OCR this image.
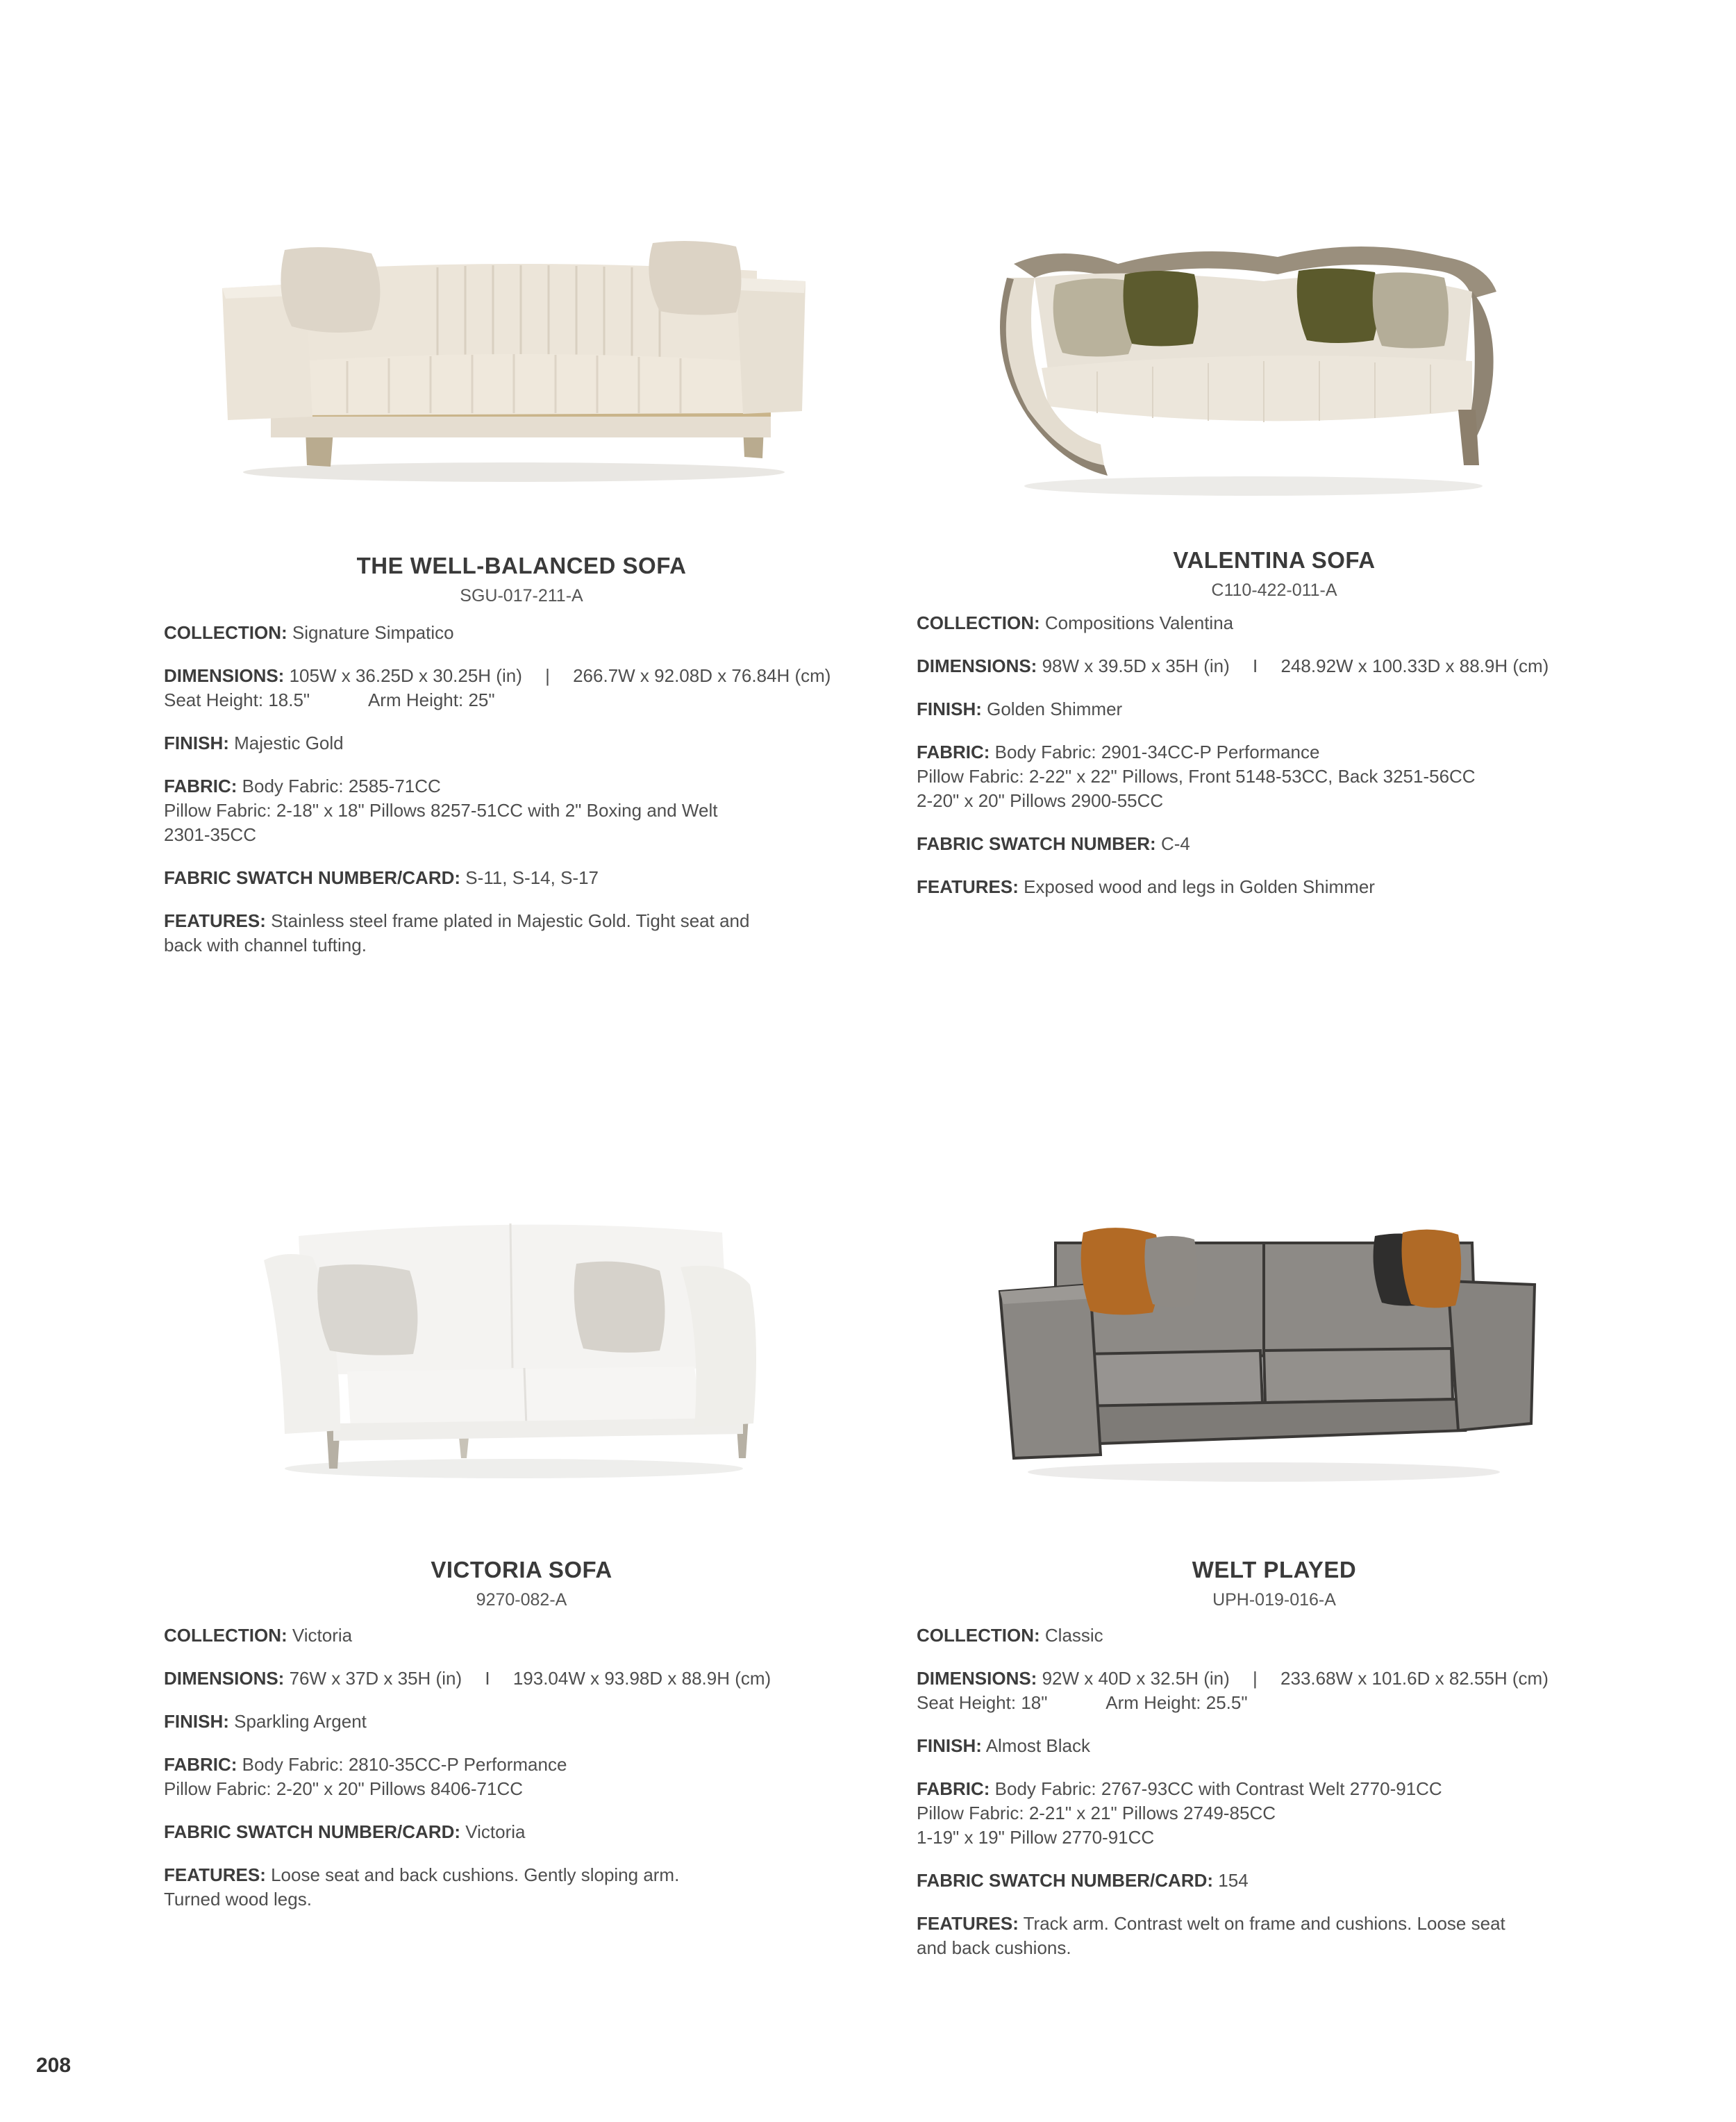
THE WELL-BALANCED SOFA
SGU-017-211-A
COLLECTION: Signature Simpatico
DIMENSIONS: 105W x 36.25D x 30.25H (in) | 266.7W x 92.08D x 76.84H (cm)
Seat Height: 18.5"	Arm Height: 25"
FINISH: Majestic Gold
FABRIC: Body Fabric: 2585-71CC
Pillow Fabric: 2-18" x 18" Pillows 8257-51CC with 2" Boxing and Welt
2301-35CC
FABRIC SWATCH NUMBER/CARD: S-11, S-14, S-17
FEATURES: Stainless steel frame plated in Majestic Gold. Tight seat and
back with channel tufting.
VALENTINA SOFA
C110-422-011-A
COLLECTION: Compositions Valentina
DIMENSIONS: 98W x 39.5D x 35H (in) I 248.92W x 100.33D x 88.9H (cm)
FINISH: Golden Shimmer
FABRIC: Body Fabric: 2901-34CC-P Performance
Pillow Fabric: 2-22" x 22" Pillows, Front 5148-53CC, Back 3251-56CC
2-20" x 20" Pillows 2900-55CC
FABRIC SWATCH NUMBER: C-4
FEATURES: Exposed wood and legs in Golden Shimmer
VICTORIA SOFA
9270-082-A
COLLECTION: Victoria
DIMENSIONS: 76W x 37D x 35H (in) I 193.04W x 93.98D x 88.9H (cm)
FINISH: Sparkling Argent
FABRIC: Body Fabric: 2810-35CC-P Performance
Pillow Fabric: 2-20" x 20" Pillows 8406-71CC
FABRIC SWATCH NUMBER/CARD: Victoria
FEATURES: Loose seat and back cushions. Gently sloping arm.
Turned wood legs.
WELT PLAYED
UPH-019-016-A
COLLECTION: Classic
DIMENSIONS: 92W x 40D x 32.5H (in) | 233.68W x 101.6D x 82.55H (cm)
Seat Height: 18"	Arm Height: 25.5"
FINISH: Almost Black
FABRIC: Body Fabric: 2767-93CC with Contrast Welt 2770-91CC
Pillow Fabric: 2-21" x 21" Pillows 2749-85CC
1-19" x 19" Pillow 2770-91CC
FABRIC SWATCH NUMBER/CARD: 154
FEATURES: Track arm. Contrast welt on frame and cushions. Loose seat
and back cushions.
208
